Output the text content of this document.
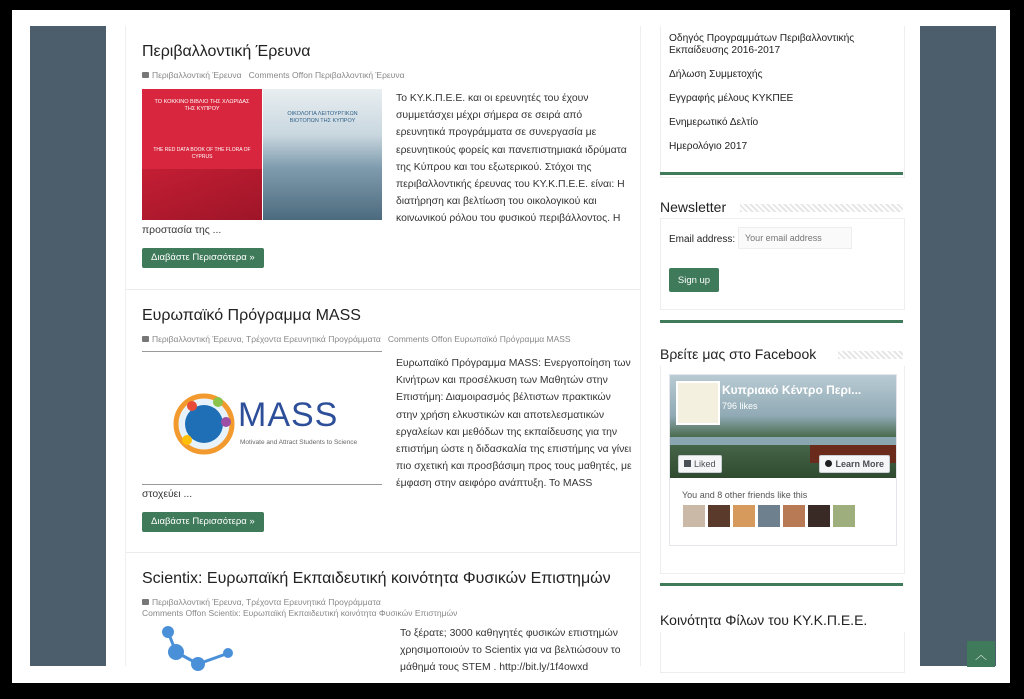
Περιβαλλοντική Έρευνα
Περιβαλλοντική Έρευνα Comments Offon Περιβαλλοντική Έρευνα
ΤΟ ΚΟΚΚΙΝΟ ΒΙΒΛΙΟ ΤΗΣ ΧΛΩΡΙΔΑΣ ΤΗΣ ΚΥΠΡΟΥ
THE RED DATA BOOK OF THE FLORA OF CYPRUS
ΟΙΚΟΛΟΓΙΑ ΛΕΙΤΟΥΡΓΙΚΩΝ ΒΙΟΤΟΠΩΝ ΤΗΣ ΚΥΠΡΟΥ
Το ΚΥ.Κ.Π.Ε.Ε. και οι ερευνητές του έχουν συμμετάσχει μέχρι σήμερα σε σειρά από ερευνητικά προγράμματα σε συνεργασία με ερευνητικούς φορείς και πανεπιστημιακά ιδρύματα της Κύπρου και του εξωτερικού. Στόχοι της περιβαλλοντικής έρευνας του ΚΥ.Κ.Π.Ε.Ε. είναι: Η διατήρηση και βελτίωση του οικολογικού και κοινωνικού ρόλου του φυσικού περιβάλλοντος. Η
προστασία της ...
Διαβάστε Περισσότερα »
Ευρωπαϊκό Πρόγραμμα MASS
Περιβαλλοντική Έρευνα, Τρέχοντα Ερευνητικά Προγράμματα Comments Offon Ευρωπαϊκό Πρόγραμμα MASS
MASS
Motivate and Attract Students to Science
Ευρωπαϊκό Πρόγραμμα MASS: Ενεργοποίηση των Κινήτρων και προσέλκυση των Μαθητών στην Επιστήμη: Διαμοιρασμός βέλτιστων πρακτικών στην χρήση ελκυστικών και αποτελεσματικών εργαλείων και μεθόδων της εκπαίδευσης για την επιστήμη ώστε η διδασκαλία της επιστήμης να γίνει πιο σχετική και προσβάσιμη προς τους μαθητές, με έμφαση στην αειφόρο ανάπτυξη. Το MASS
στοχεύει ...
Διαβάστε Περισσότερα »
Scientix: Ευρωπαϊκή Εκπαιδευτική κοινότητα Φυσικών Επιστημών
Περιβαλλοντική Έρευνα, Τρέχοντα Ερευνητικά Προγράμματα
Comments Offon Scientix: Ευρωπαϊκή Εκπαιδευτική κοινότητα Φυσικών Επιστημών
Το ξέρατε; 3000 καθηγητές φυσικών επιστημών χρησιμοποιούν το Scientix για να βελτιώσουν το μάθημά τους STEM . http://bit.ly/1f4owxd
Οδηγός Προγραμμάτων Περιβαλλοντικής Εκπαίδευσης 2016-2017
Δήλωση Συμμετοχής
Εγγραφής μέλους ΚΥΚΠΕΕ
Ενημερωτικό Δελτίο
Ημερολόγιο 2017
Newsletter
Email address:
Your email address
Sign up
Βρείτε μας στο Facebook
Κυπριακό Κέντρο Περι...
796 likes
Liked	Learn More
You and 8 other friends like this
Κοινότητα Φίλων του ΚΥ.Κ.Π.Ε.Ε.
︿
